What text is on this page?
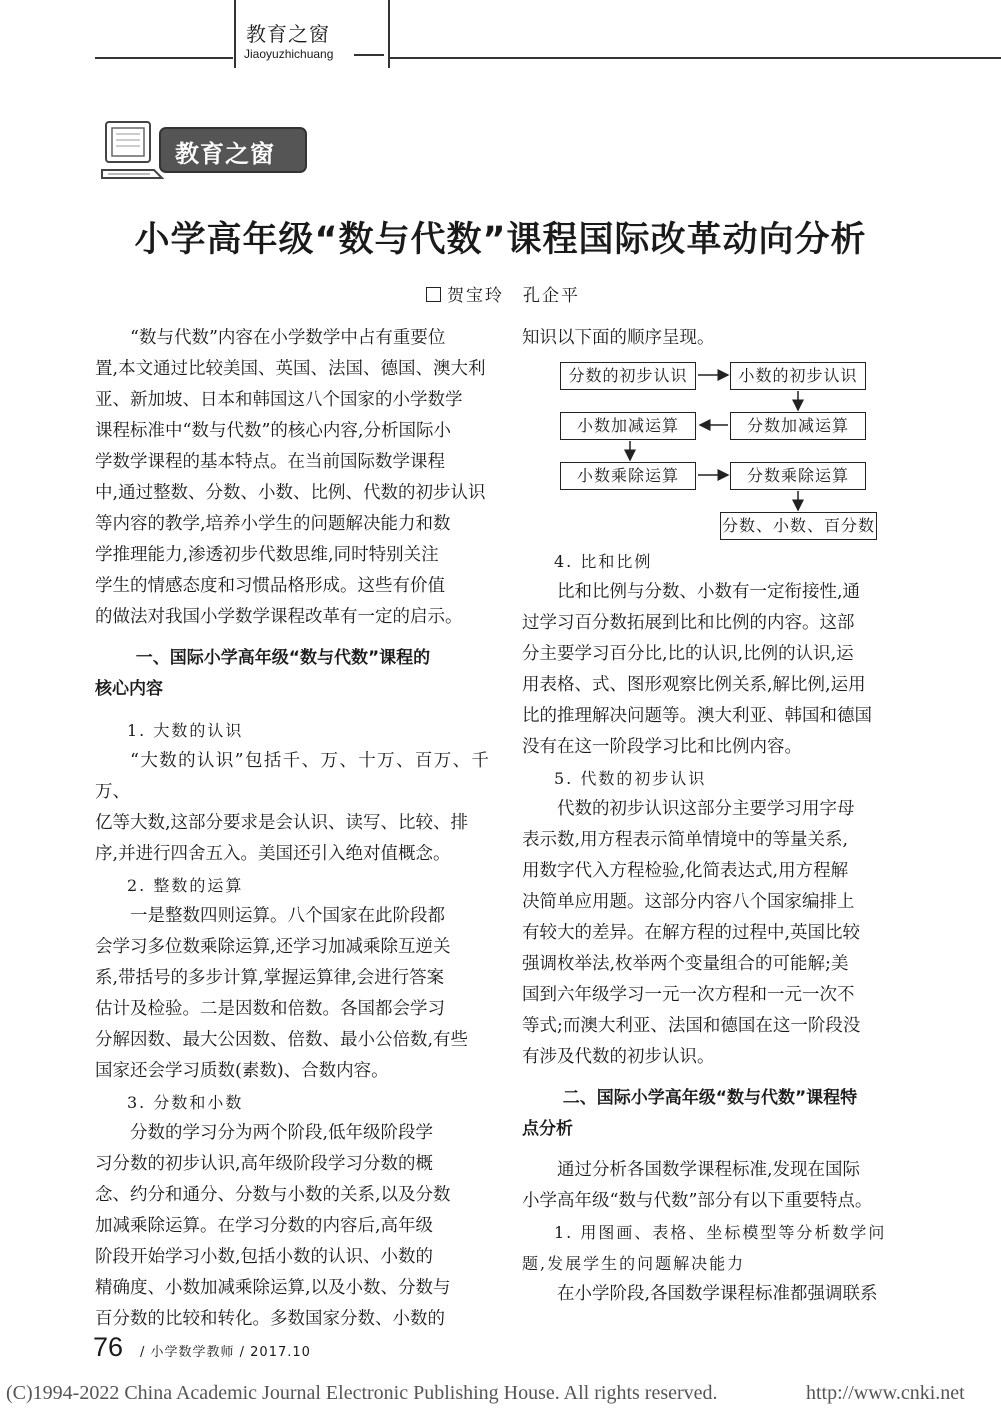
教育之窗
Jiaoyuzhichuang
教育之窗
小学高年级“数与代数”课程国际改革动向分析
贺宝玲　孔企平

“数与代数”内容在小学数学中占有重要位

置,本文通过比较美国、英国、法国、德国、澳大利

亚、新加坡、日本和韩国这八个国家的小学数学

课程标准中“数与代数”的核心内容,分析国际小

学数学课程的基本特点。在当前国际数学课程

中,通过整数、分数、小数、比例、代数的初步认识

等内容的教学,培养小学生的问题解决能力和数

学推理能力,渗透初步代数思维,同时特别关注

学生的情感态度和习惯品格形成。这些有价值

的做法对我国小学数学课程改革有一定的启示。

一、国际小学高年级“数与代数”课程的

核心内容

1. 大数的认识

“大数的认识”包括千、万、十万、百万、千万、

亿等大数,这部分要求是会认识、读写、比较、排

序,并进行四舍五入。美国还引入绝对值概念。

2. 整数的运算

一是整数四则运算。八个国家在此阶段都

会学习多位数乘除运算,还学习加减乘除互逆关

系,带括号的多步计算,掌握运算律,会进行答案

估计及检验。二是因数和倍数。各国都会学习

分解因数、最大公因数、倍数、最小公倍数,有些

国家还会学习质数(素数)、合数内容。

3. 分数和小数

分数的学习分为两个阶段,低年级阶段学

习分数的初步认识,高年级阶段学习分数的概

念、约分和通分、分数与小数的关系,以及分数

加减乘除运算。在学习分数的内容后,高年级

阶段开始学习小数,包括小数的认识、小数的

精确度、小数加减乘除运算,以及小数、分数与

百分数的比较和转化。多数国家分数、小数的

知识以下面的顺序呈现。

分数的初步认识	小数的初步认识
小数加减运算	分数加减运算
小数乘除运算	分数乘除运算
分数、小数、百分数

4. 比和比例

比和比例与分数、小数有一定衔接性,通

过学习百分数拓展到比和比例的内容。这部

分主要学习百分比,比的认识,比例的认识,运

用表格、式、图形观察比例关系,解比例,运用

比的推理解决问题等。澳大利亚、韩国和德国

没有在这一阶段学习比和比例内容。

5. 代数的初步认识

代数的初步认识这部分主要学习用字母

表示数,用方程表示简单情境中的等量关系,

用数字代入方程检验,化简表达式,用方程解

决简单应用题。这部分内容八个国家编排上

有较大的差异。在解方程的过程中,英国比较

强调枚举法,枚举两个变量组合的可能解;美

国到六年级学习一元一次方程和一元一次不

等式;而澳大利亚、法国和德国在这一阶段没

有涉及代数的初步认识。

二、国际小学高年级“数与代数”课程特

点分析

通过分析各国数学课程标准,发现在国际

小学高年级“数与代数”部分有以下重要特点。

1. 用图画、表格、坐标模型等分析数学问

题,发展学生的问题解决能力

在小学阶段,各国数学课程标准都强调联系

76 / 小学数学教师 / 2017.10
(C)1994-2022 China Academic Journal Electronic Publishing House. All rights reserved.	http://www.cnki.net
